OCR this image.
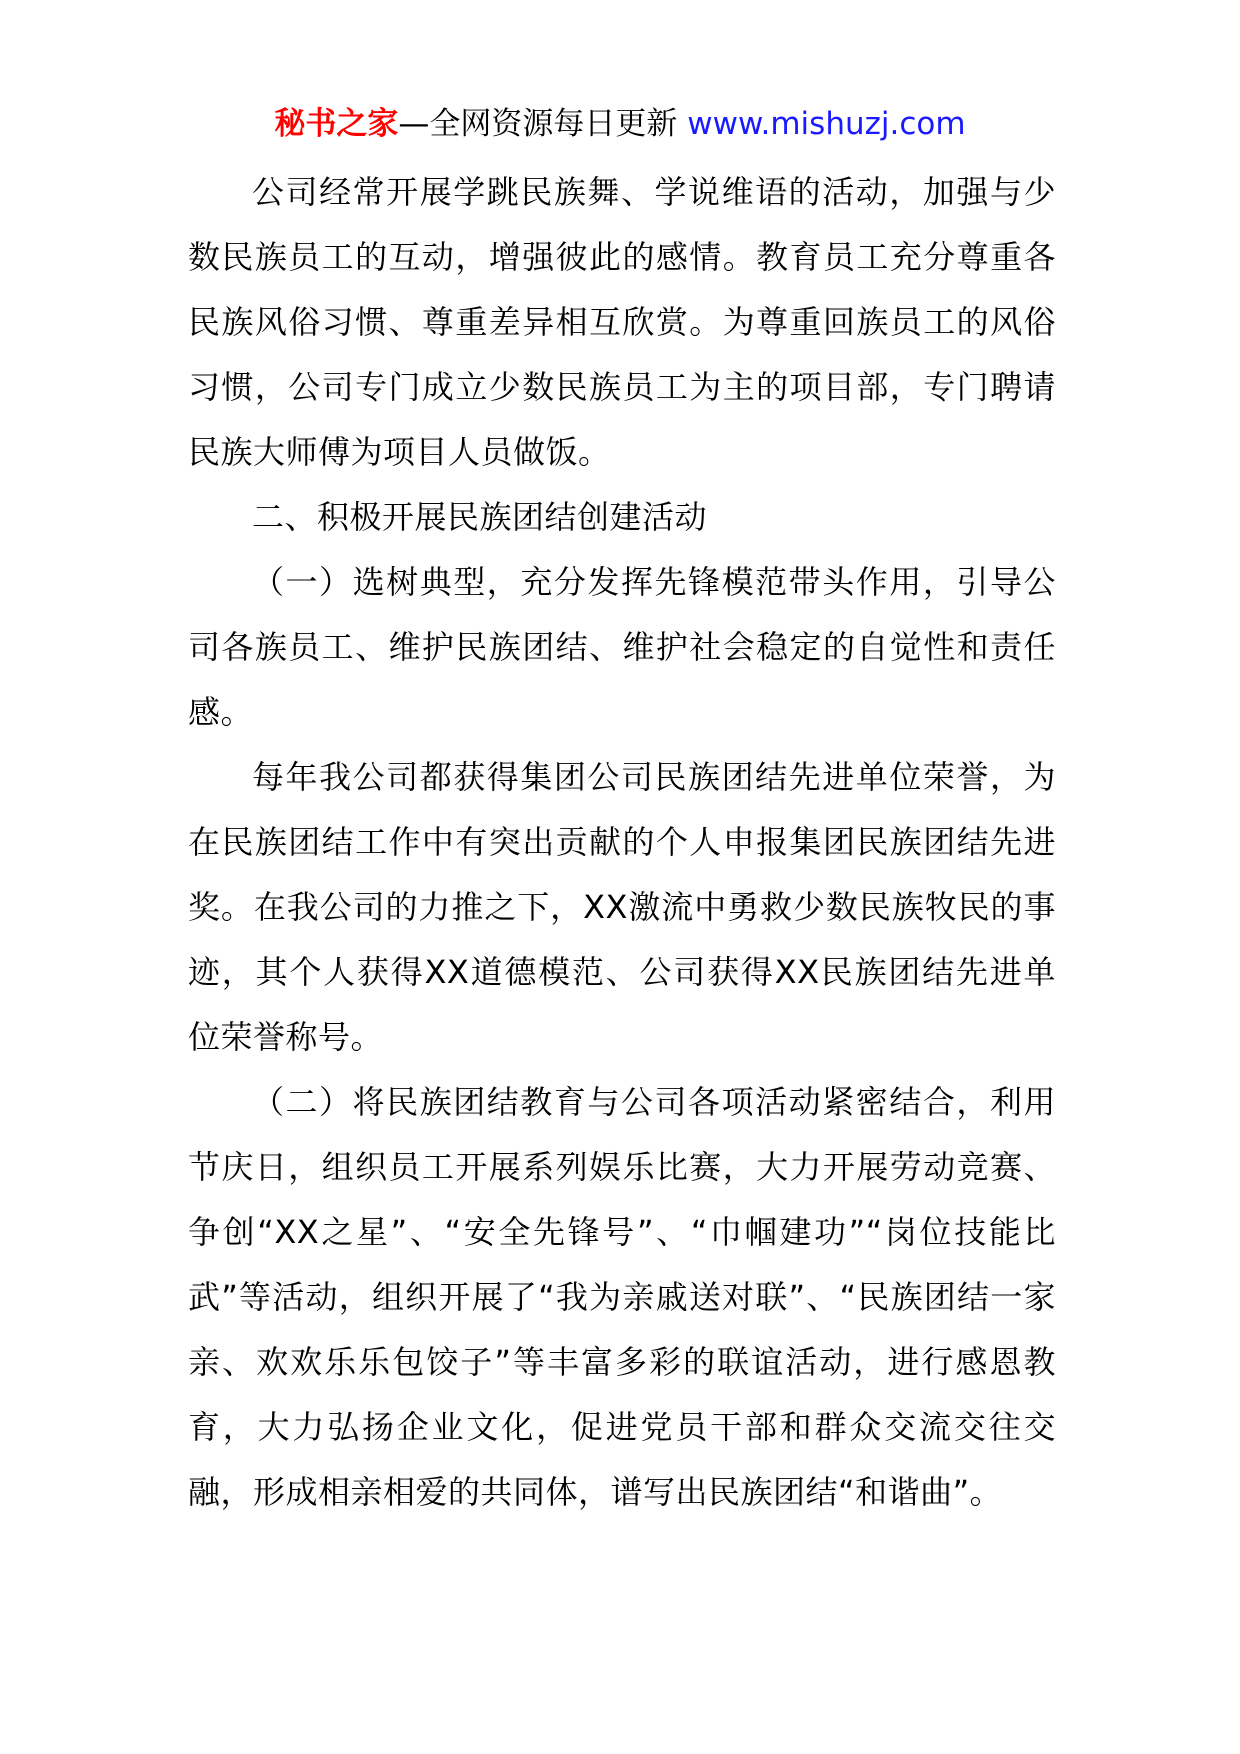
秘书之家—全网资源每日更新 www.mishuzj.com

公司经常开展学跳民族舞、学说维语的活动，加强与少数民族员工的互动，增强彼此的感情。教育员工充分尊重各民族风俗习惯、尊重差异相互欣赏。为尊重回族员工的风俗习惯，公司专门成立少数民族员工为主的项目部，专门聘请民族大师傅为项目人员做饭。

二、积极开展民族团结创建活动

（一）选树典型，充分发挥先锋模范带头作用，引导公司各族员工、维护民族团结、维护社会稳定的自觉性和责任感。

每年我公司都获得集团公司民族团结先进单位荣誉，为在民族团结工作中有突出贡献的个人申报集团民族团结先进奖。在我公司的力推之下，XX激流中勇救少数民族牧民的事迹，其个人获得XX道德模范、公司获得XX民族团结先进单位荣誉称号。

（二）将民族团结教育与公司各项活动紧密结合，利用节庆日，组织员工开展系列娱乐比赛，大力开展劳动竞赛、争创“XX之星”、“安全先锋号”、“巾帼建功”“岗位技能比武”等活动，组织开展了“我为亲戚送对联”、“民族团结一家亲、欢欢乐乐包饺子”等丰富多彩的联谊活动，进行感恩教育，大力弘扬企业文化，促进党员干部和群众交流交往交融，形成相亲相爱的共同体，谱写出民族团结“和谐曲”。
